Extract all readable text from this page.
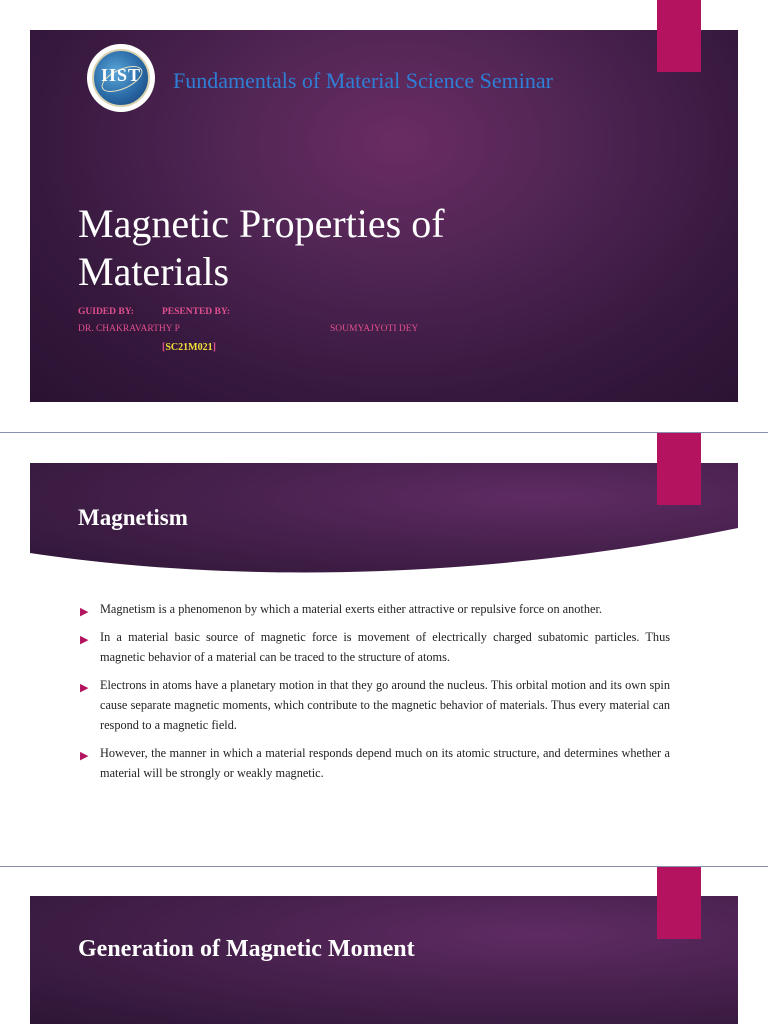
IIST	Fundamentals of Material Science Seminar
Magnetic Properties of Materials
GUIDED BY:	PESENTED BY:
DR. CHAKRAVARTHY P	SOUMYAJYOTI DEY
[SC21M021]
Magnetism
▶ Magnetism is a phenomenon by which a material exerts either attractive or repulsive force on another.
▶ In a material basic source of magnetic force is movement of electrically charged subatomic particles. Thus magnetic behavior of a material can be traced to the structure of atoms.
▶ Electrons in atoms have a planetary motion in that they go around the nucleus. This orbital motion and its own spin cause separate magnetic moments, which contribute to the magnetic behavior of materials. Thus every material can respond to a magnetic field.
▶ However, the manner in which a material responds depend much on its atomic structure, and determines whether a material will be strongly or weakly magnetic.
Generation of Magnetic Moment
